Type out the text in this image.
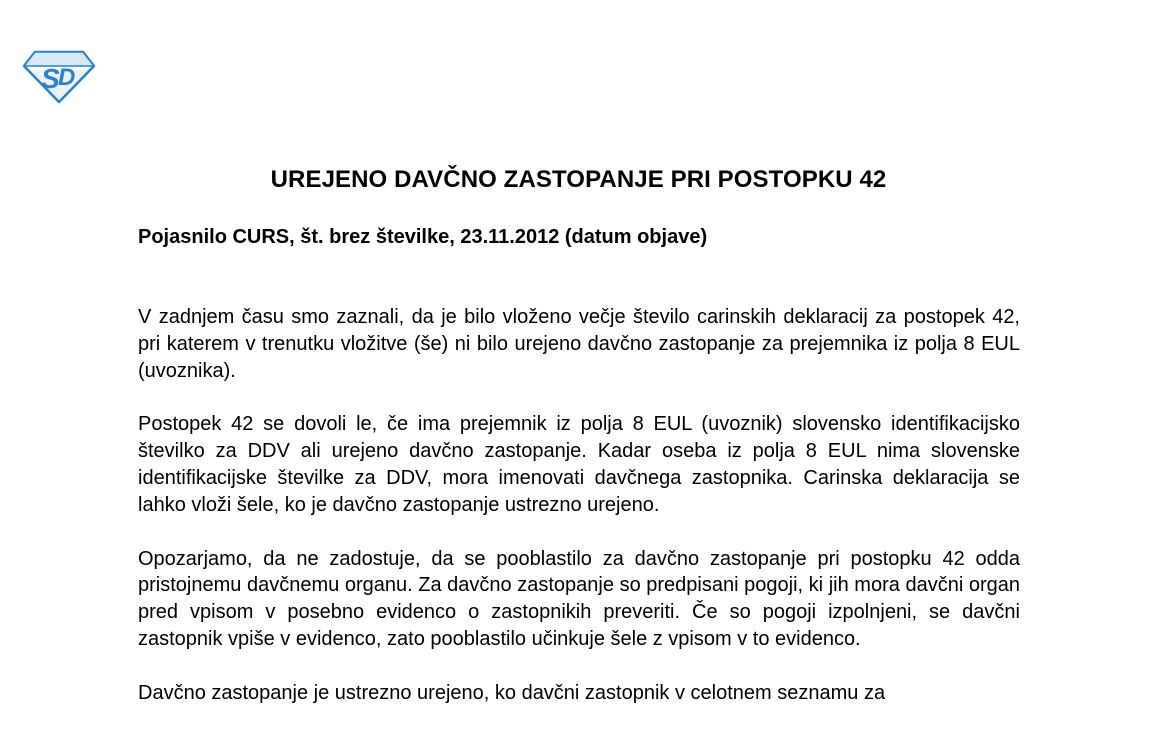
S
D
UREJENO DAVČNO ZASTOPANJE PRI POSTOPKU 42

Pojasnilo CURS, št. brez številke, 23.11.2012 (datum objave)

V zadnjem času smo zaznali, da je bilo vloženo večje število carinskih deklaracij za postopek 42, pri katerem v trenutku vložitve (še) ni bilo urejeno davčno zastopanje za prejemnika iz polja 8 EUL (uvoznika).

Postopek 42 se dovoli le, če ima prejemnik iz polja 8 EUL (uvoznik) slovensko identifikacijsko številko za DDV ali urejeno davčno zastopanje. Kadar oseba iz polja 8 EUL nima slovenske identifikacijske številke za DDV, mora imenovati davčnega zastopnika. Carinska deklaracija se lahko vloži šele, ko je davčno zastopanje ustrezno urejeno.

Opozarjamo, da ne zadostuje, da se pooblastilo za davčno zastopanje pri postopku 42 odda pristojnemu davčnemu organu. Za davčno zastopanje so predpisani pogoji, ki jih mora davčni organ pred vpisom v posebno evidenco o zastopnikih preveriti. Če so pogoji izpolnjeni, se davčni zastopnik vpiše v evidenco, zato pooblastilo učinkuje šele z vpisom v to evidenco.

Davčno zastopanje je ustrezno urejeno, ko davčni zastopnik v celotnem seznamu za
